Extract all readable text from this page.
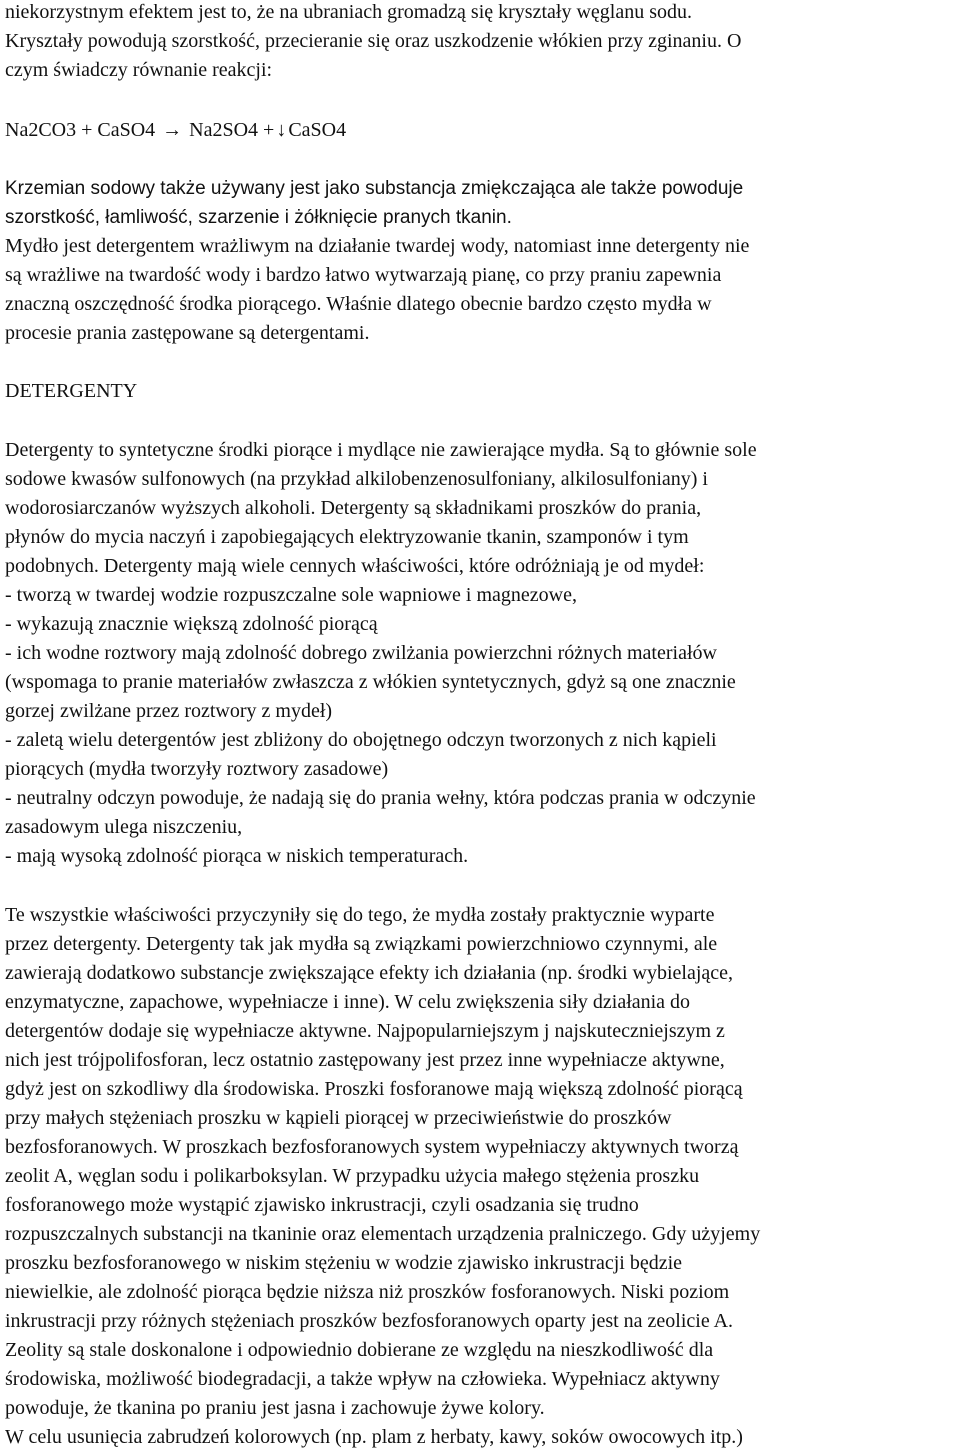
niekorzystnym efektem jest to, że na ubraniach gromadzą się kryształy węglanu sodu.
Kryształy powodują szorstkość, przecieranie się oraz uszkodzenie włókien przy zginaniu. O
czym świadczy równanie reakcji:
Na2CO3 + CaSO4 → Na2SO4 + ↓ CaSO4
Krzemian sodowy także używany jest jako substancja zmiękczająca ale także powoduje
szorstkość, łamliwość, szarzenie i żółknięcie pranych tkanin.
Mydło jest detergentem wrażliwym na działanie twardej wody, natomiast inne detergenty nie
są wrażliwe na twardość wody i bardzo łatwo wytwarzają pianę, co przy praniu zapewnia
znaczną oszczędność środka piorącego. Właśnie dlatego obecnie bardzo często mydła w
procesie prania zastępowane są detergentami.
DETERGENTY
Detergenty to syntetyczne środki piorące i mydlące nie zawierające mydła. Są to głównie sole
sodowe kwasów sulfonowych (na przykład alkilobenzenosulfoniany, alkilosulfoniany) i
wodorosiarczanów wyższych alkoholi. Detergenty są składnikami proszków do prania,
płynów do mycia naczyń i zapobiegających elektryzowanie tkanin, szamponów i tym
podobnych. Detergenty mają wiele cennych właściwości, które odróżniają je od mydeł:
- tworzą w twardej wodzie rozpuszczalne sole wapniowe i magnezowe,
- wykazują znacznie większą zdolność piorącą
- ich wodne roztwory mają zdolność dobrego zwilżania powierzchni różnych materiałów
(wspomaga to pranie materiałów zwłaszcza z włókien syntetycznych, gdyż są one znacznie
gorzej zwilżane przez roztwory z mydeł)
- zaletą wielu detergentów jest zbliżony do obojętnego odczyn tworzonych z nich kąpieli
piorących (mydła tworzyły roztwory zasadowe)
- neutralny odczyn powoduje, że nadają się do prania wełny, która podczas prania w odczynie
zasadowym ulega niszczeniu,
- mają wysoką zdolność piorąca w niskich temperaturach.
Te wszystkie właściwości przyczyniły się do tego, że mydła zostały praktycznie wyparte
przez detergenty. Detergenty tak jak mydła są związkami powierzchniowo czynnymi, ale
zawierają dodatkowo substancje zwiększające efekty ich działania (np. środki wybielające,
enzymatyczne, zapachowe, wypełniacze i inne). W celu zwiększenia siły działania do
detergentów dodaje się wypełniacze aktywne. Najpopularniejszym j najskuteczniejszym z
nich jest trójpolifosforan, lecz ostatnio zastępowany jest przez inne wypełniacze aktywne,
gdyż jest on szkodliwy dla środowiska. Proszki fosforanowe mają większą zdolność piorącą
przy małych stężeniach proszku w kąpieli piorącej w przeciwieństwie do proszków
bezfosforanowych. W proszkach bezfosforanowych system wypełniaczy aktywnych tworzą
zeolit A, węglan sodu i polikarboksylan. W przypadku użycia małego stężenia proszku
fosforanowego może wystąpić zjawisko inkrustracji, czyli osadzania się trudno
rozpuszczalnych substancji na tkaninie oraz elementach urządzenia pralniczego. Gdy użyjemy
proszku bezfosforanowego w niskim stężeniu w wodzie zjawisko inkrustracji będzie
niewielkie, ale zdolność piorąca będzie niższa niż proszków fosforanowych. Niski poziom
inkrustracji przy różnych stężeniach proszków bezfosforanowych oparty jest na zeolicie A.
Zeolity są stale doskonalone i odpowiednio dobierane ze względu na nieszkodliwość dla
środowiska, możliwość biodegradacji, a także wpływ na człowieka. Wypełniacz aktywny
powoduje, że tkanina po praniu jest jasna i zachowuje żywe kolory.
W celu usunięcia zabrudzeń kolorowych (np. plam z herbaty, kawy, soków owocowych itp.)
